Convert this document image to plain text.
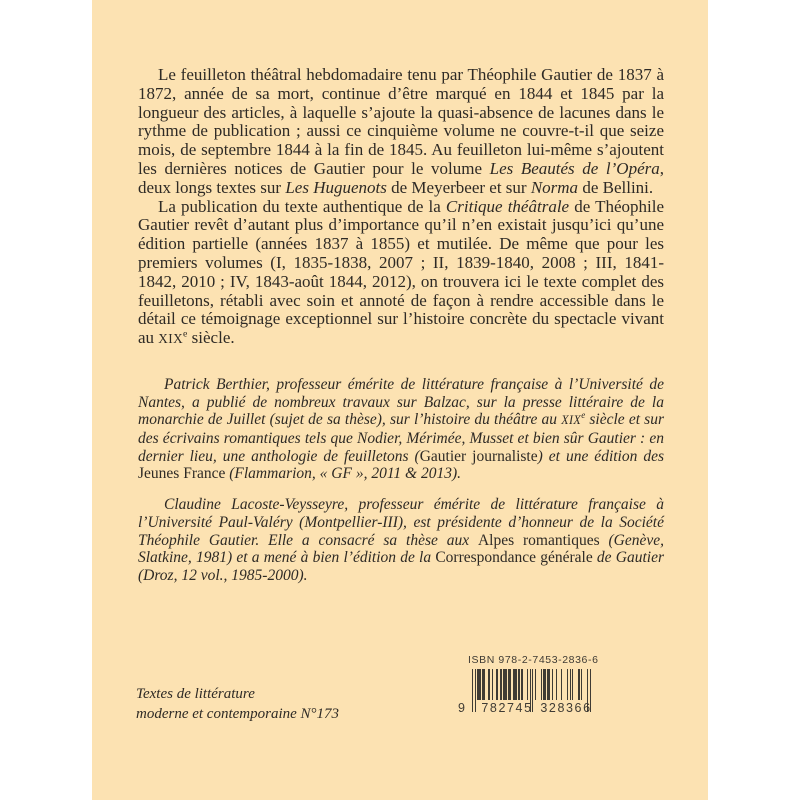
Le feuilleton théâtral hebdomadaire tenu par Théophile Gautier de 1837 à 1872, année de sa mort, continue d’être marqué en 1844 et 1845 par la longueur des articles, à laquelle s’ajoute la quasi-absence de lacunes dans le rythme de publication ; aussi ce cinquième volume ne couvre-t-il que seize mois, de septembre 1844 à la fin de 1845. Au feuilleton lui-même s’ajoutent les dernières notices de Gautier pour le volume Les Beautés de l’Opéra, deux longs textes sur Les Huguenots de Meyerbeer et sur Norma de Bellini.

La publication du texte authentique de la Critique théâtrale de Théophile Gautier revêt d’autant plus d’importance qu’il n’en existait jusqu’ici qu’une édition partielle (années 1837 à 1855) et mutilée. De même que pour les premiers volumes (I, 1835-1838, 2007 ; II, 1839-1840, 2008 ; III, 1841-1842, 2010 ; IV, 1843-août 1844, 2012), on trouvera ici le texte complet des feuilletons, rétabli avec soin et annoté de façon à rendre accessible dans le détail ce témoignage exceptionnel sur l’histoire concrète du spectacle vivant au XIXe siècle.

Patrick Berthier, professeur émérite de littérature française à l’Université de Nantes, a publié de nombreux travaux sur Balzac, sur la presse littéraire de la monarchie de Juillet (sujet de sa thèse), sur l’histoire du théâtre au XIXe siècle et sur des écrivains romantiques tels que Nodier, Mérimée, Musset et bien sûr Gautier : en dernier lieu, une anthologie de feuilletons (Gautier journaliste) et une édition des Jeunes France (Flammarion, « GF », 2011 & 2013).

Claudine Lacoste-Veysseyre, professeur émérite de littérature française à l’Université Paul-Valéry (Montpellier-III), est présidente d’honneur de la Société Théophile Gautier. Elle a consacré sa thèse aux Alpes romantiques (Genève, Slatkine, 1981) et a mené à bien l’édition de la Correspondance générale de Gautier (Droz, 12 vol., 1985-2000).

Textes de littérature
moderne et contemporaine N°173
ISBN 978-2-7453-2836-6
9 782745 328366
